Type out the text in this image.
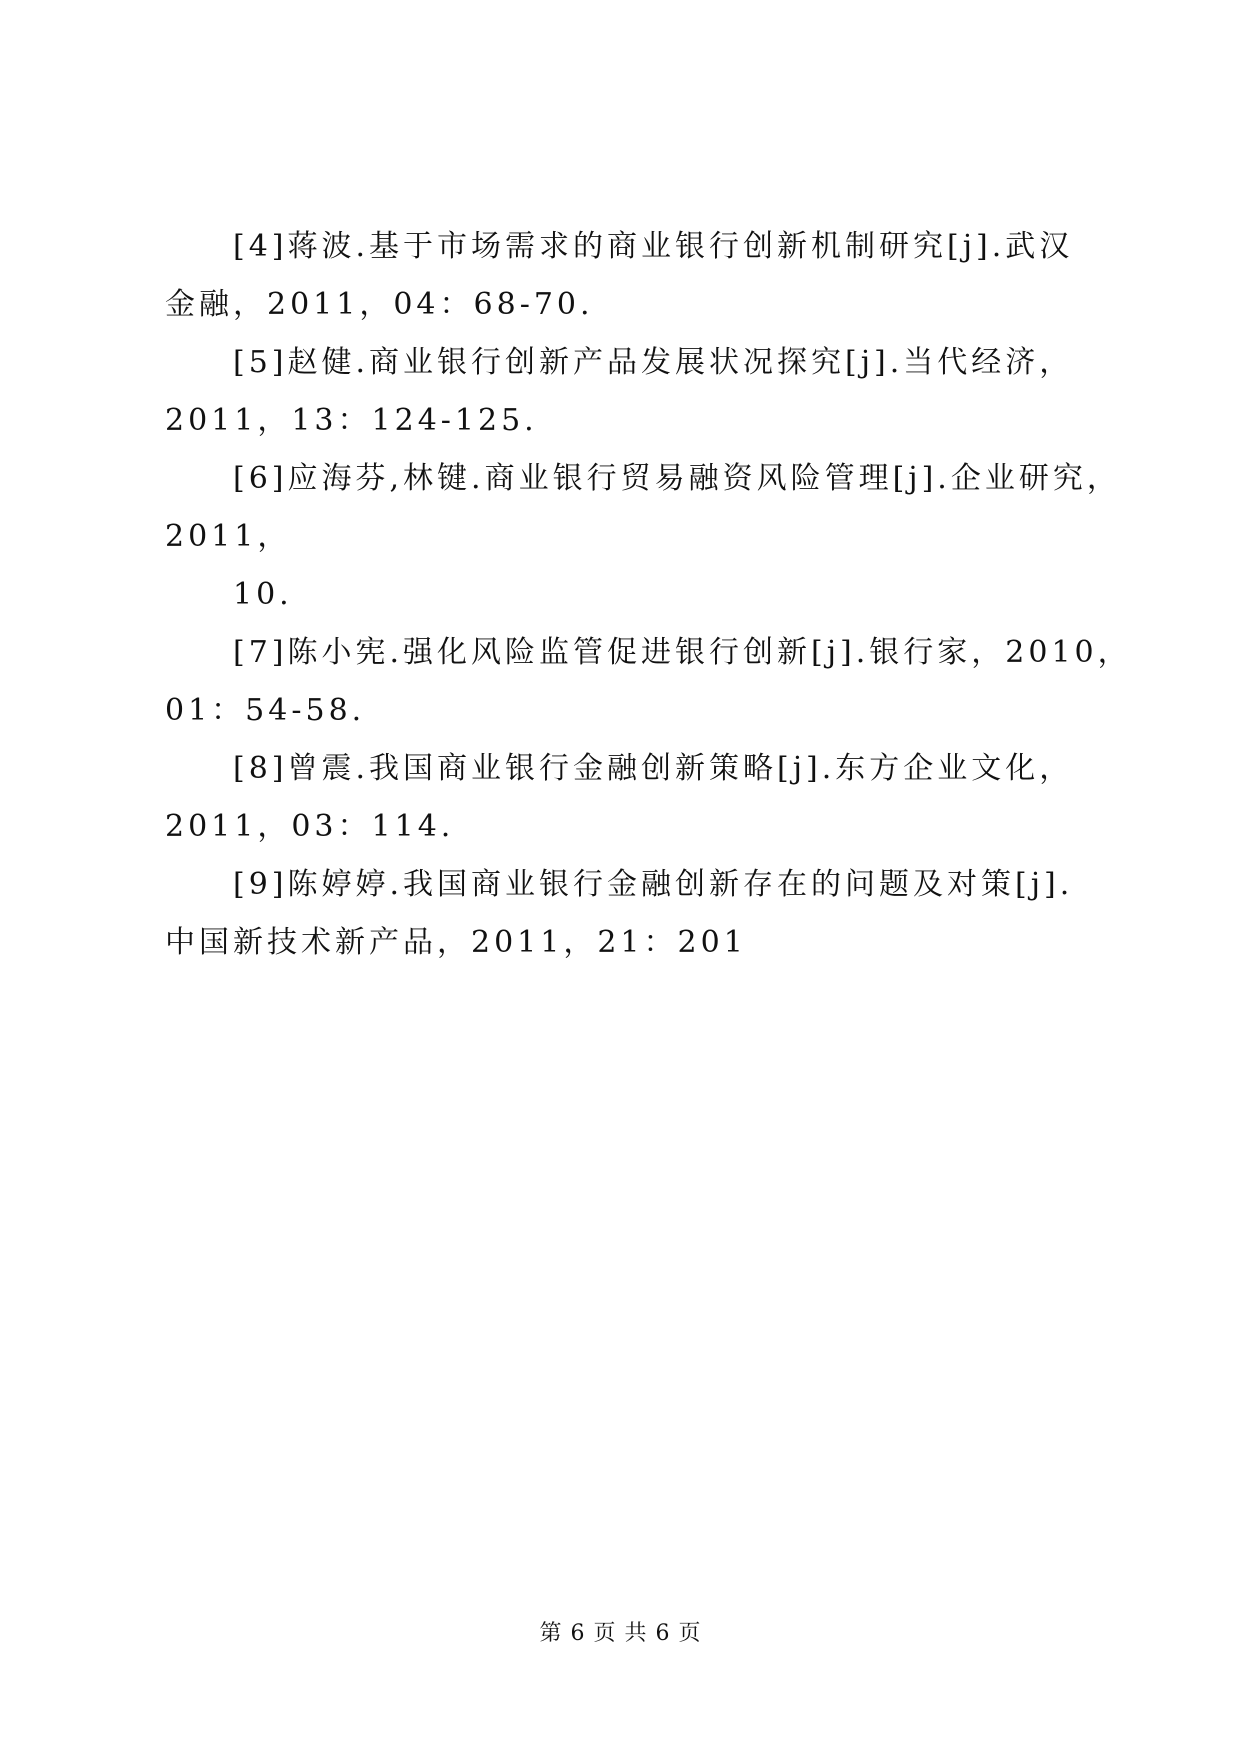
[4]蒋波.基于市场需求的商业银行创新机制研究[j].武汉
金融，2011，04：68-70.
[5]赵健.商业银行创新产品发展状况探究[j].当代经济，
2011，13：124-125.
[6]应海芬,林键.商业银行贸易融资风险管理[j].企业研究，
2011，
10.
[7]陈小宪.强化风险监管促进银行创新[j].银行家，2010，
01：54-58.
[8]曾震.我国商业银行金融创新策略[j].东方企业文化，
2011，03：114.
[9]陈婷婷.我国商业银行金融创新存在的问题及对策[j].
中国新技术新产品，2011，21：201
第 6 页 共 6 页
